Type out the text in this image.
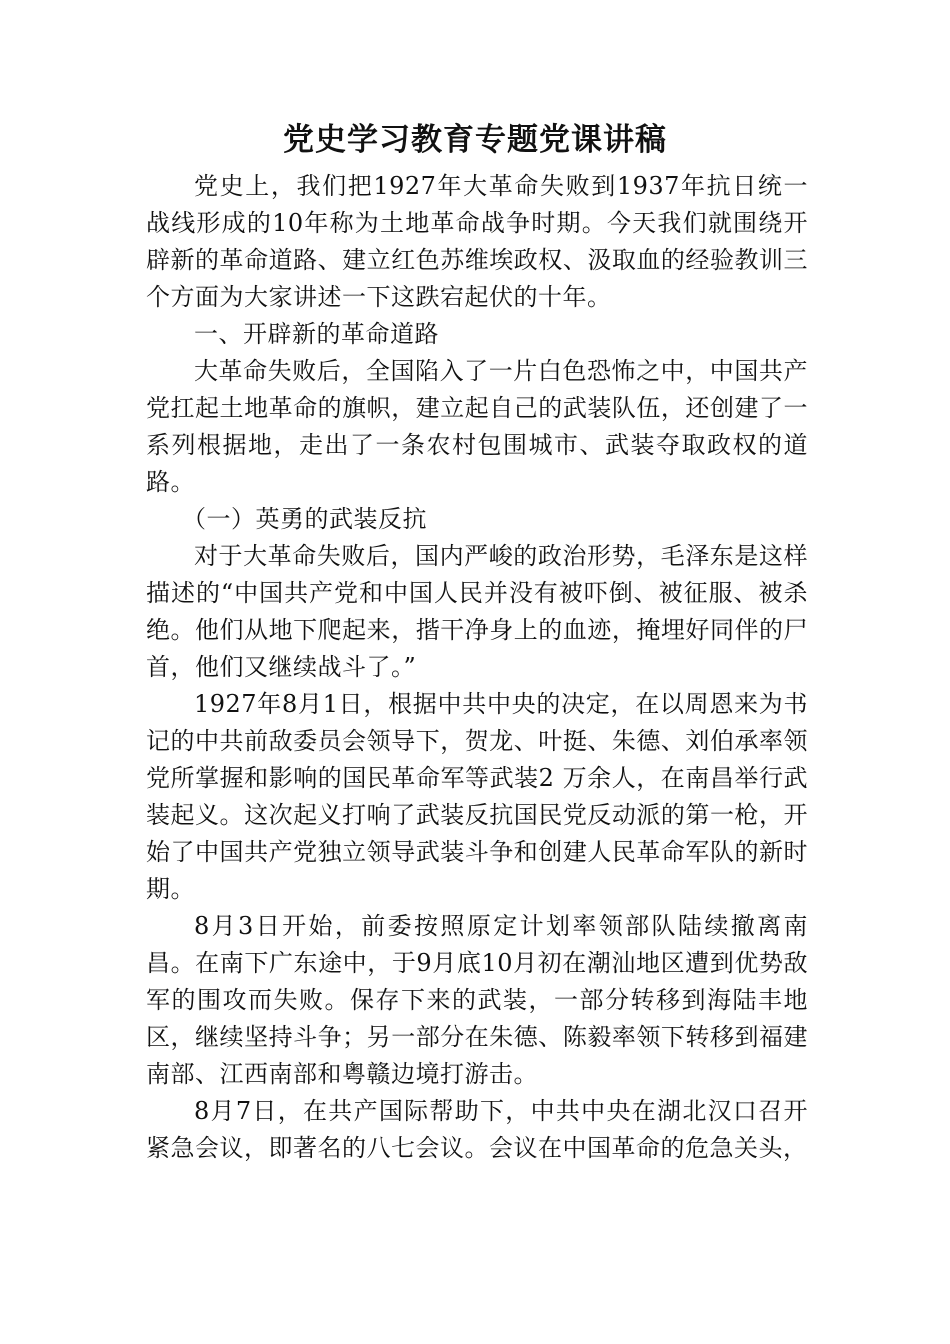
党史学习教育专题党课讲稿

党史上，我们把1927年大革命失败到1937年抗日统一战线形成的10年称为土地革命战争时期。今天我们就围绕开辟新的革命道路、建立红色苏维埃政权、汲取血的经验教训三个方面为大家讲述一下这跌宕起伏的十年。

一、开辟新的革命道路

大革命失败后，全国陷入了一片白色恐怖之中，中国共产党扛起土地革命的旗帜，建立起自己的武装队伍，还创建了一系列根据地，走出了一条农村包围城市、武装夺取政权的道路。

（一）英勇的武装反抗

对于大革命失败后，国内严峻的政治形势，毛泽东是这样描述的“中国共产党和中国人民并没有被吓倒、被征服、被杀绝。他们从地下爬起来，揩干净身上的血迹，掩埋好同伴的尸首，他们又继续战斗了。”

1927年8月1日，根据中共中央的决定，在以周恩来为书记的中共前敌委员会领导下，贺龙、叶挺、朱德、刘伯承率领党所掌握和影响的国民革命军等武装2 万余人，在南昌举行武装起义。这次起义打响了武装反抗国民党反动派的第一枪，开始了中国共产党独立领导武装斗争和创建人民革命军队的新时期。

8月3日开始，前委按照原定计划率领部队陆续撤离南昌。在南下广东途中，于9月底10月初在潮汕地区遭到优势敌军的围攻而失败。保存下来的武装，一部分转移到海陆丰地区，继续坚持斗争；另一部分在朱德、陈毅率领下转移到福建南部、江西南部和粤赣边境打游击。

8月7日，在共产国际帮助下，中共中央在湖北汉口召开紧急会议，即著名的八七会议。会议在中国革命的危急关头，
